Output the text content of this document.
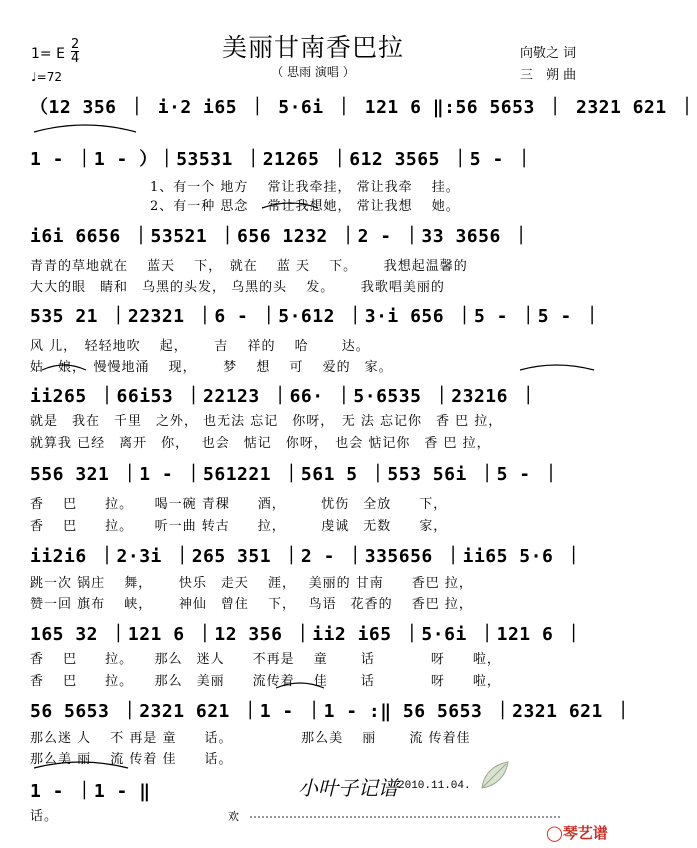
美丽甘南香巴拉
（ 思雨 演唱 ）
1= E
2
4
♩=72
向敬之 词
三　朔 曲
（12 356 ｜ i·2 i65 ｜ 5·6i ｜ 121 6 ‖:56 5653 ｜ 2321 621 ｜
1 - ｜1 - ）｜53531 ｜21265 ｜612 3565 ｜5 - ｜
1、有一个 地方　 常让我牵挂， 常让我牵　 挂。
2、有一种 思念　 常让我想她， 常让我想　 她。
i6i 6656 ｜53521 ｜656 1232 ｜2 - ｜33 3656 ｜
青青的草地就在　 蓝天　 下，　就在　 蓝 天　 下。　　 我想起温馨的
大大的眼　睛和　乌黑的头发， 乌黑的头　 发。　　 我歌唱美丽的
535 21 ｜22321 ｜6 - ｜5·612 ｜3·i 656 ｜5 - ｜5 - ｜
风 儿，　轻轻地吹　 起，　　 吉　 祥的　 哈　　 达。
姑　娘，　慢慢地涌　 现，　　 梦　 想　 可　 爱的　家。
ii265 ｜66i53 ｜22123 ｜66· ｜5·6535 ｜23216 ｜
就是　我在　千里　之外， 也无法 忘记　你呀，　无 法 忘记你　香 巴 拉，
就算我 已经　离开　你，　 也会　惦记　你呀，　也会 惦记你　香 巴 拉，
556 321 ｜1 - ｜561221 ｜561 5 ｜553 56i ｜5 - ｜
香　 巴　　拉。　　喝一碗 青稞　　酒，　　　忧伤　全放　　下，
香　 巴　　拉。　　听一曲 转古　　拉，　　　虔诚　无数　　家，
ii2i6 ｜2·3i ｜265 351 ｜2 - ｜335656 ｜ii65 5·6 ｜
跳一次 锅庄　 舞，　　 快乐　走天　 涯，　 美丽的 甘南　　香巴 拉，
赞一回 旗布　 峡，　　 神仙　曾住　 下，　 鸟语　花香的　 香巴 拉，
165 32 ｜121 6 ｜12 356 ｜ii2 i65 ｜5·6i ｜121 6 ｜
香　 巴　　拉。　　那么　迷人　　不再是　 童　　 话　　　　呀　　啦，
香　 巴　　拉。　　那么　美丽　　流传着　 佳　　 话　　　　呀　　啦，
56 5653 ｜2321 621 ｜1 - ｜1 - :‖ 56 5653 ｜2321 621 ｜
那么迷 人　 不 再是 童　　话。　　　　　 那么美　 丽　　 流 传着佳
那么美 丽　 流 传着 佳　　话。
1 - ｜1 - ‖
话。
小叶子记谱 2010.11.04.
欢
◯琴艺谱
